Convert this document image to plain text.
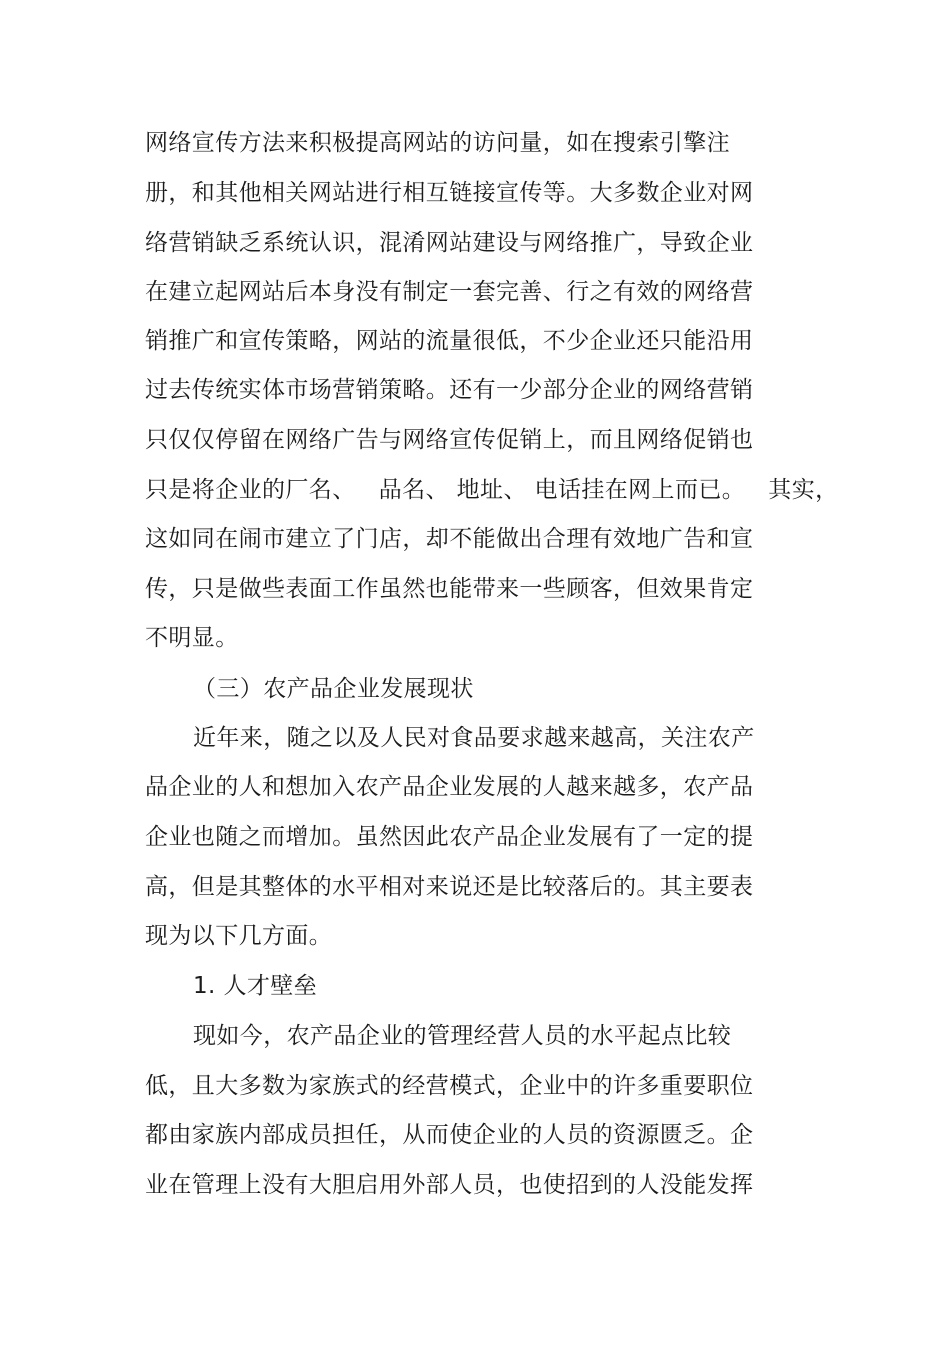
网络宣传方法来积极提高网站的访问量，如在搜索引擎注
册，和其他相关网站进行相互链接宣传等。大多数企业对网
络营销缺乏系统认识，混淆网站建设与网络推广，导致企业
在建立起网站后本身没有制定一套完善、行之有效的网络营
销推广和宣传策略，网站的流量很低，不少企业还只能沿用
过去传统实体市场营销策略。还有一少部分企业的网络营销
只仅仅停留在网络广告与网络宣传促销上，而且网络促销也
只是将企业的厂名、   品名、 地址、 电话挂在网上而已。   其实，
这如同在闹市建立了门店，却不能做出合理有效地广告和宣
传，只是做些表面工作虽然也能带来一些顾客，但效果肯定
不明显。
（三）农产品企业发展现状
近年来，随之以及人民对食品要求越来越高，关注农产
品企业的人和想加入农产品企业发展的人越来越多，农产品
企业也随之而增加。虽然因此农产品企业发展有了一定的提
高，但是其整体的水平相对来说还是比较落后的。其主要表
现为以下几方面。
1. 人才壁垒
现如今，农产品企业的管理经营人员的水平起点比较
低，且大多数为家族式的经营模式，企业中的许多重要职位
都由家族内部成员担任，从而使企业的人员的资源匮乏。企
业在管理上没有大胆启用外部人员，也使招到的人没能发挥
